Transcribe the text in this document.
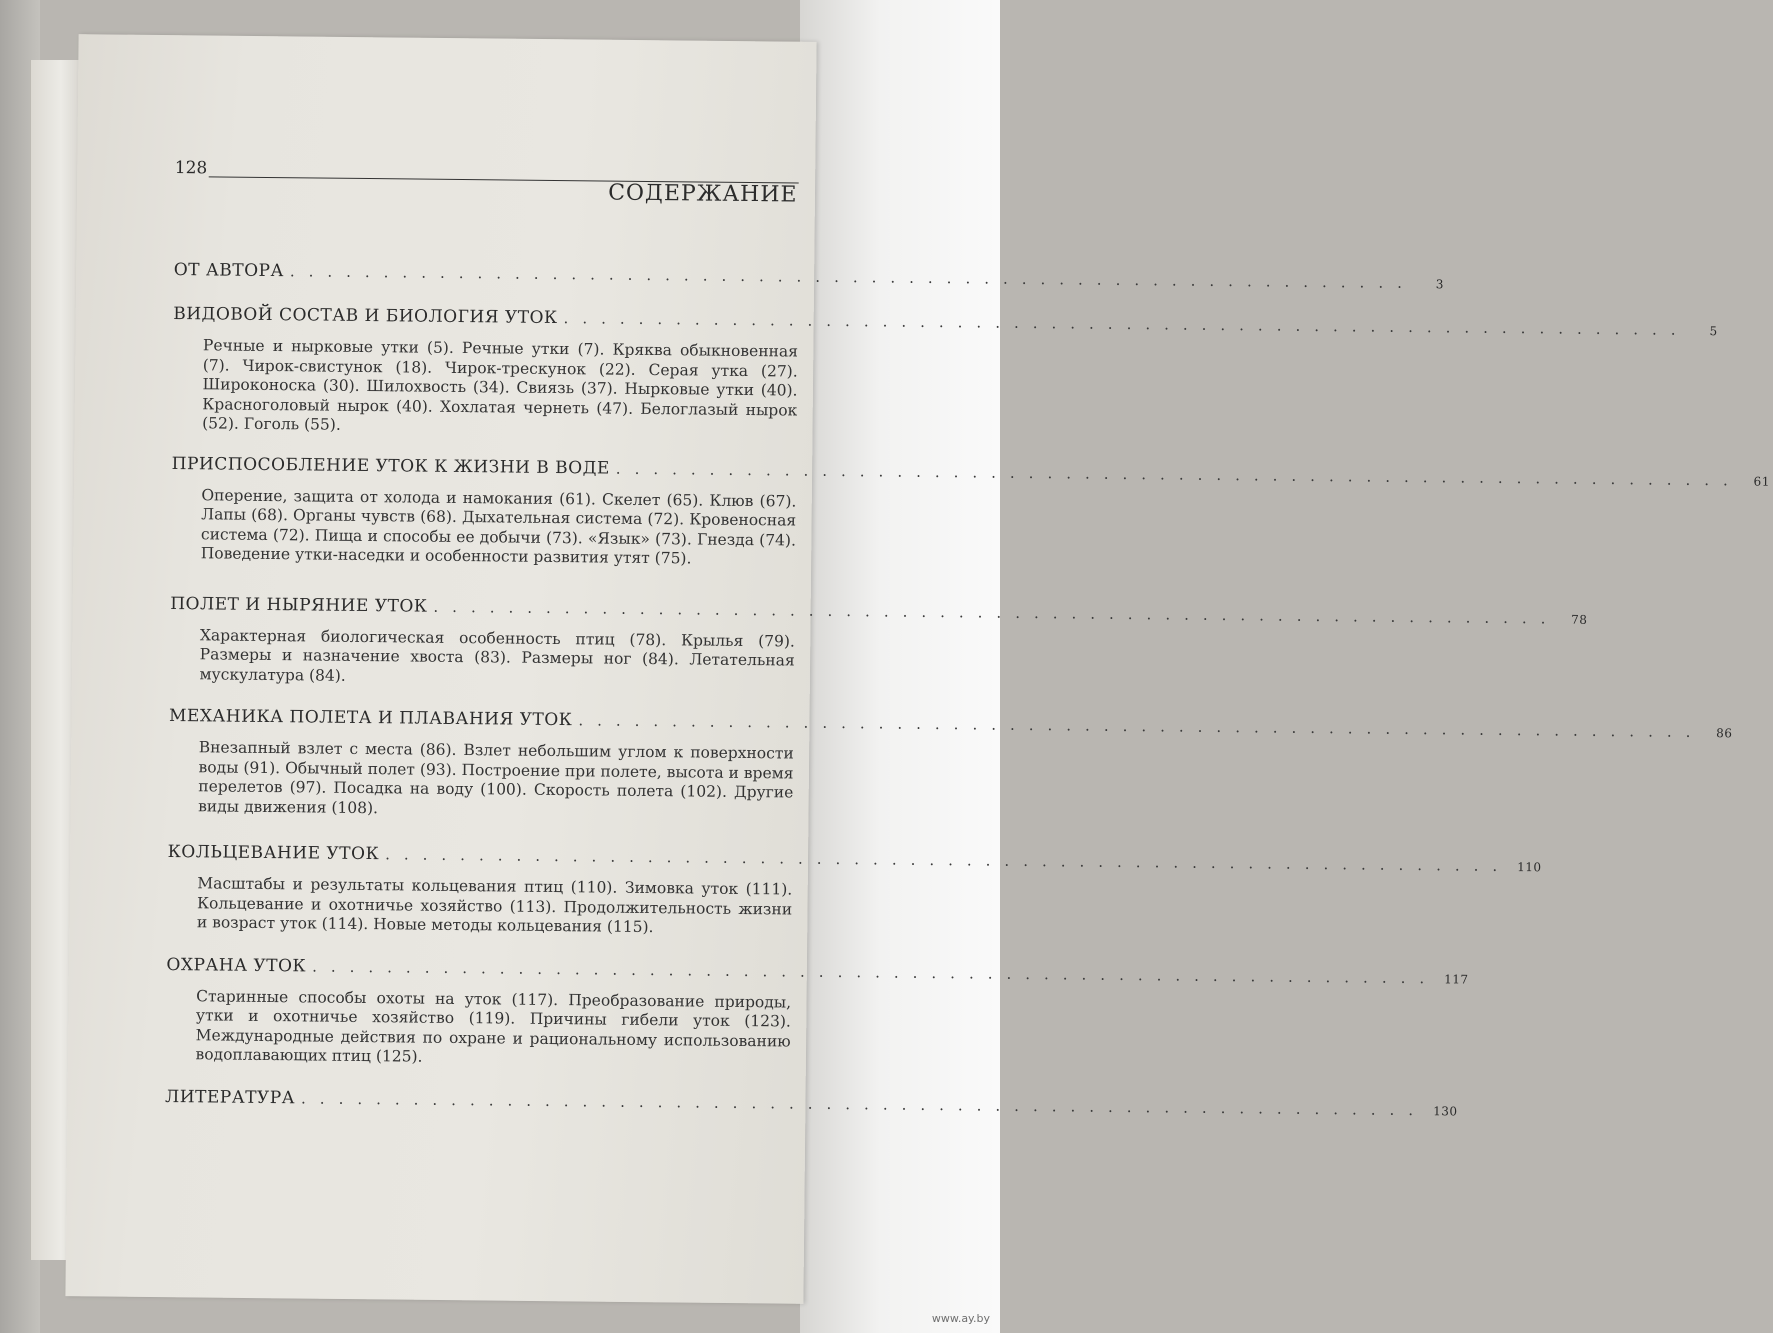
128
СОДЕРЖАНИЕ
ОТ АВТОРА ............................................................	3
ВИДОВОЙ СОСТАВ И БИОЛОГИЯ УТОК ............................................................	5
Речные и нырковые утки (5). Речные утки (7). Кряква обыкновенная (7). Чирок-свистунок (18). Чирок-трескунок (22). Серая утка (27). Широконоска (30). Шилохвость (34). Свиязь (37). Нырковые утки (40). Красноголовый нырок (40). Хохлатая чернеть (47). Белоглазый нырок (52). Гоголь (55).
ПРИСПОСОБЛЕНИЕ УТОК К ЖИЗНИ В ВОДЕ ............................................................ 61
Оперение, защита от холода и намокания (61). Скелет (65). Клюв (67). Лапы (68). Органы чувств (68). Дыхательная система (72). Кровеносная система (72). Пища и способы ее добычи (73). «Язык» (73). Гнезда (74). Поведение утки-наседки и особенности развития утят (75).
ПОЛЕТ И НЫРЯНИЕ УТОК ............................................................ 78
Характерная биологическая особенность птиц (78). Крылья (79). Размеры и назначение хвоста (83). Размеры ног (84). Летательная мускулатура (84).
МЕХАНИКА ПОЛЕТА И ПЛАВАНИЯ УТОК ............................................................ 86
Внезапный взлет с места (86). Взлет небольшим углом к поверхности воды (91). Обычный полет (93). Построение при полете, высота и время перелетов (97). Посадка на воду (100). Скорость полета (102). Другие виды движения (108).
КОЛЬЦЕВАНИЕ УТОК ............................................................ 110
Масштабы и результаты кольцевания птиц (110). Зимовка уток (111). Кольцевание и охотничье хозяйство (113). Продолжительность жизни и возраст уток (114). Новые методы кольцевания (115).
ОХРАНА УТОК ............................................................ 117
Старинные способы охоты на уток (117). Преобразование природы, утки и охотничье хозяйство (119). Причины гибели уток (123). Международные действия по охране и рациональному использованию водоплавающих птиц (125).
ЛИТЕРАТУРА ............................................................ 130
www.ay.by
